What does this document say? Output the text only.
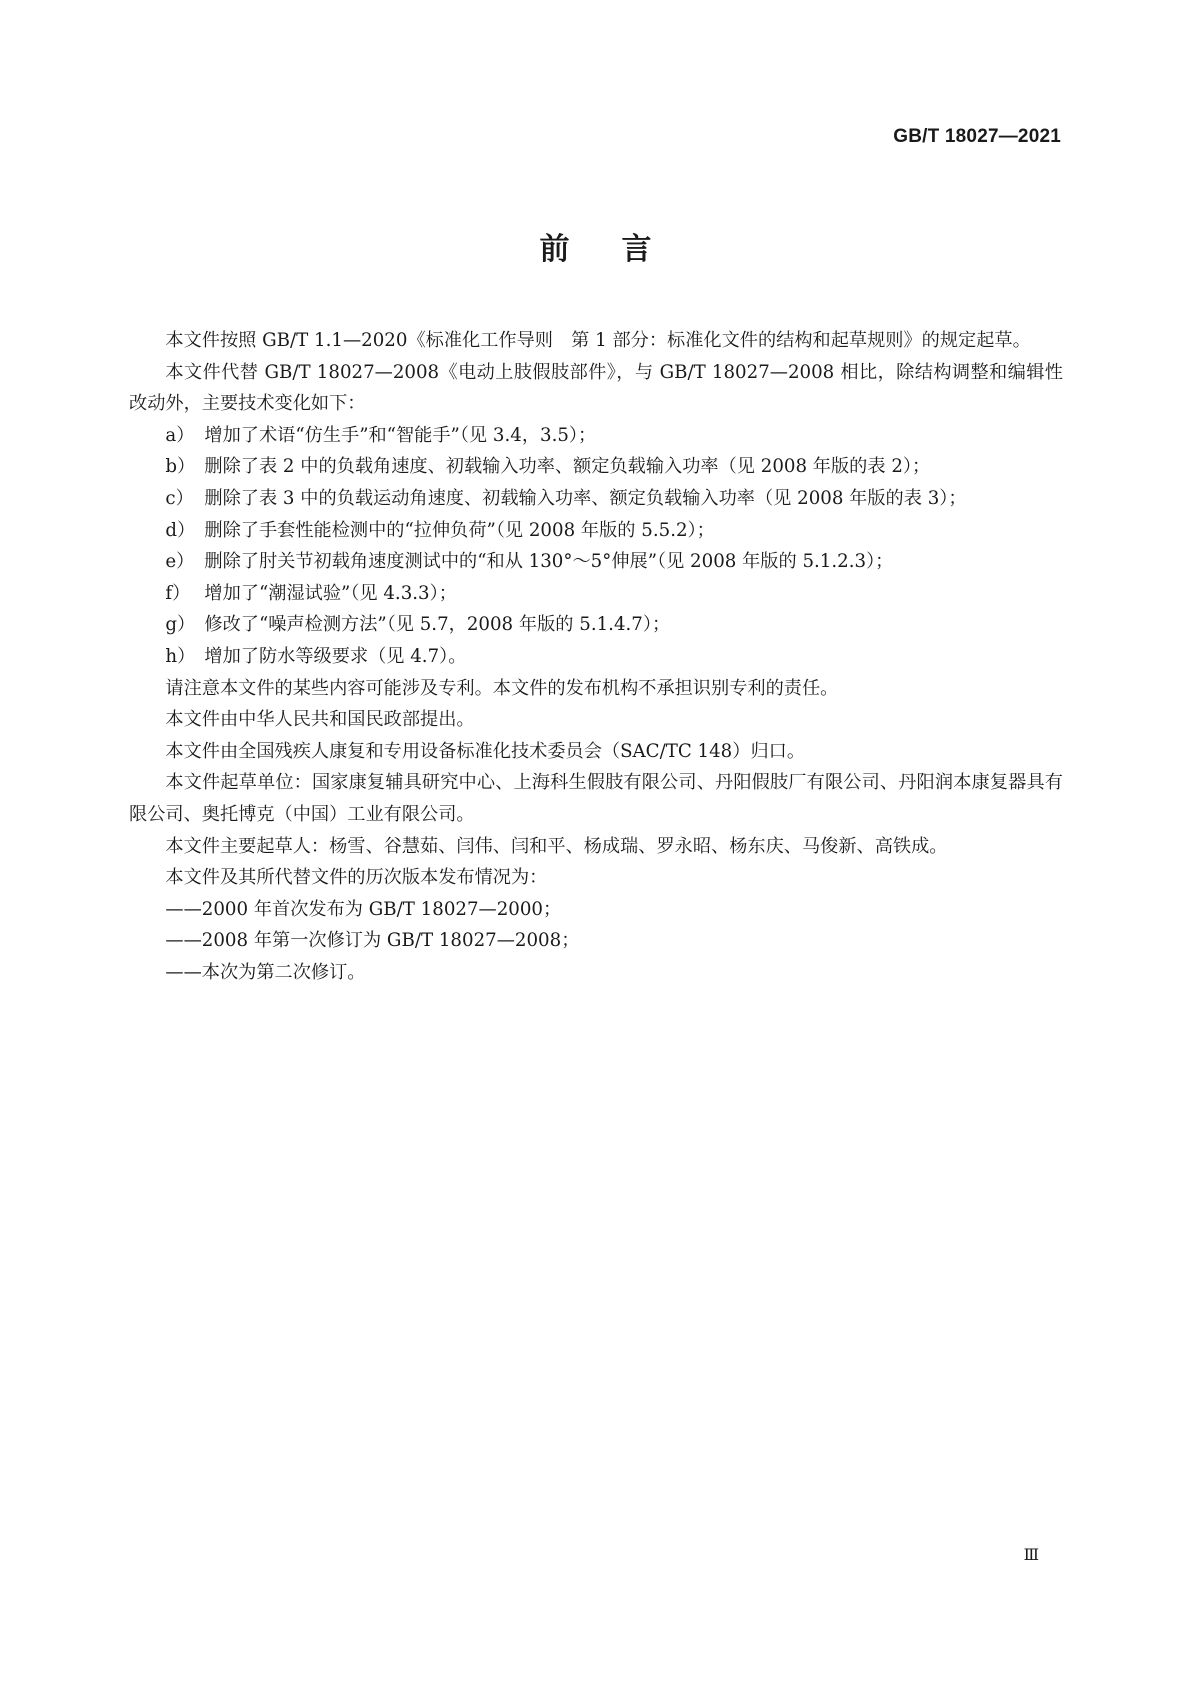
GB/T 18027—2021
前言

本文件按照 GB/T 1.1—2020《标准化工作导则　第 1 部分：标准化文件的结构和起草规则》的规定起草。

本文件代替 GB/T 18027—2008《电动上肢假肢部件》，与 GB/T 18027—2008 相比，除结构调整和编辑性改动外，主要技术变化如下：

a） 增加了术语“仿生手”和“智能手”（见 3.4，3.5）；

b） 删除了表 2 中的负载角速度、初载输入功率、额定负载输入功率（见 2008 年版的表 2）；

c） 删除了表 3 中的负载运动角速度、初载输入功率、额定负载输入功率（见 2008 年版的表 3）；

d） 删除了手套性能检测中的“拉伸负荷”（见 2008 年版的 5.5.2）；

e） 删除了肘关节初载角速度测试中的“和从 130°～5°伸展”（见 2008 年版的 5.1.2.3）；

f） 增加了“潮湿试验”（见 4.3.3）；

g） 修改了“噪声检测方法”（见 5.7，2008 年版的 5.1.4.7）；

h） 增加了防水等级要求（见 4.7）。

请注意本文件的某些内容可能涉及专利。本文件的发布机构不承担识别专利的责任。

本文件由中华人民共和国民政部提出。

本文件由全国残疾人康复和专用设备标准化技术委员会（SAC/TC 148）归口。

本文件起草单位：国家康复辅具研究中心、上海科生假肢有限公司、丹阳假肢厂有限公司、丹阳润本康复器具有限公司、奥托博克（中国）工业有限公司。

本文件主要起草人：杨雪、谷慧茹、闫伟、闫和平、杨成瑞、罗永昭、杨东庆、马俊新、高铁成。

本文件及其所代替文件的历次版本发布情况为：

——2000 年首次发布为 GB/T 18027—2000；

——2008 年第一次修订为 GB/T 18027—2008；

——本次为第二次修订。

Ⅲ
